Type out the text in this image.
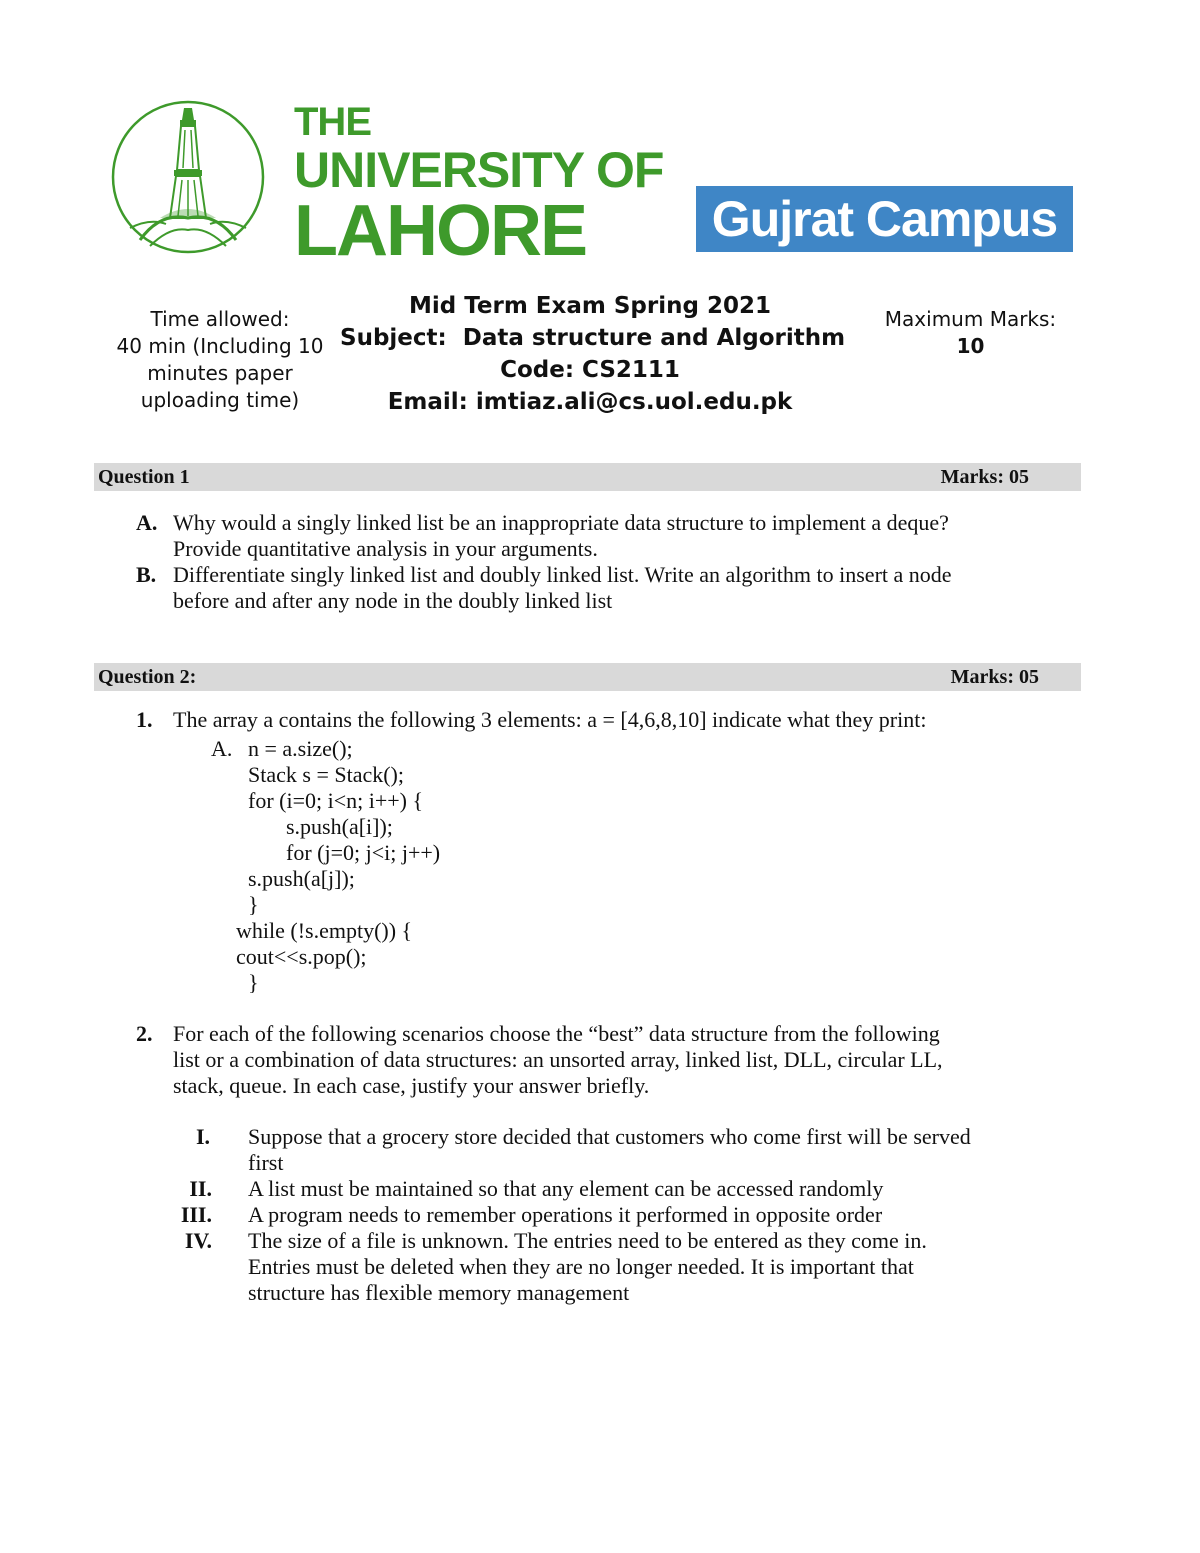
THE
UNIVERSITY OF
LAHORE	Gujrat Campus
Time allowed:
40 min (Including 10
minutes paper
uploading time)
Mid Term Exam Spring 2021
Subject:  Data structure and Algorithm
Code: CS2111
Email: imtiaz.ali@cs.uol.edu.pk
Maximum Marks:
10
Question 1	Marks: 05
A. Why would a singly linked list be an inappropriate data structure to implement a deque?
Provide quantitative analysis in your arguments.
B. Differentiate singly linked list and doubly linked list. Write an algorithm to insert a node
before and after any node in the doubly linked list
Question 2:	Marks: 05
1. The array a contains the following 3 elements: a = [4,6,8,10] indicate what they print:
A. n = a.size();
Stack s = Stack();
for (i=0; i<n; i++) {
s.push(a[i]);
for (j=0; j<i; j++)
s.push(a[j]);
}
while (!s.empty()) {
cout<<s.pop();
}
2. For each of the following scenarios choose the “best” data structure from the following
list or a combination of data structures: an unsorted array, linked list, DLL, circular LL,
stack, queue. In each case, justify your answer briefly.
I. Suppose that a grocery store decided that customers who come first will be served
first
II. A list must be maintained so that any element can be accessed randomly
III. A program needs to remember operations it performed in opposite order
IV. The size of a file is unknown. The entries need to be entered as they come in.
Entries must be deleted when they are no longer needed. It is important that
structure has flexible memory management
